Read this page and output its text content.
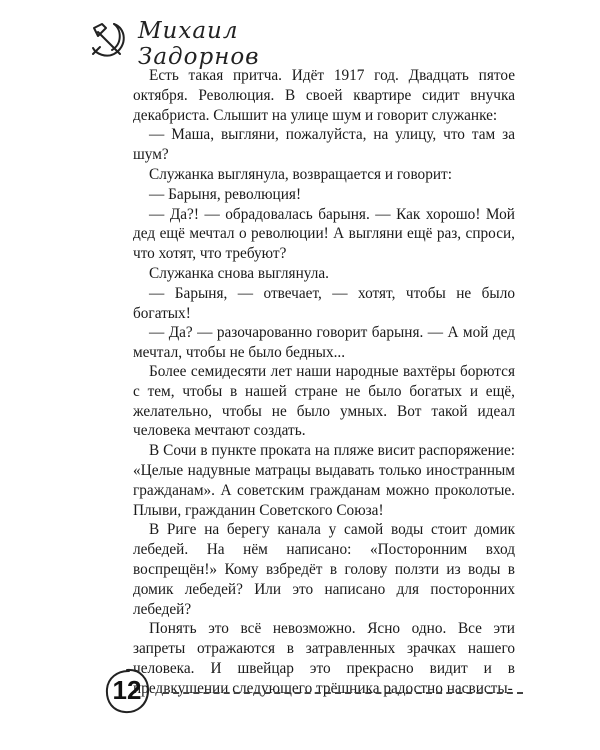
Михаил Задорнов

Есть такая притча. Идёт 1917 год. Двадцать пятое октября. Революция. В своей квартире сидит внучка декабриста. Слышит на улице шум и говорит служанке:

— Маша, выгляни, пожалуйста, на улицу, что там за шум?

Служанка выглянула, возвращается и говорит:

— Барыня, революция!

— Да?! — обрадовалась барыня. — Как хорошо! Мой дед ещё мечтал о революции! А выгляни ещё раз, спроси, что хотят, что требуют?

Служанка снова выглянула.

— Барыня, — отвечает, — хотят, чтобы не было богатых!

— Да? — разочарованно говорит барыня. — А мой дед мечтал, чтобы не было бедных...

Более семидесяти лет наши народные вахтёры борются с тем, чтобы в нашей стране не было богатых и ещё, желательно, чтобы не было умных. Вот такой идеал человека мечтают создать.

В Сочи в пункте проката на пляже висит распоряжение: «Целые надувные матрацы выдавать только иностранным гражданам». А советским гражданам можно проколотые. Плыви, гражданин Советского Союза!

В Риге на берегу канала у самой воды стоит домик лебедей. На нём написано: «Посторонним вход воспрещён!» Кому взбредёт в голову ползти из воды в домик лебедей? Или это написано для посторонних лебедей?

Понять это всё невозможно. Ясно одно. Все эти запреты отражаются в затравленных зрачках нашего человека. И швейцар это прекрасно видит и в предвкушении следующего трёшника радостно насвисты-

12
